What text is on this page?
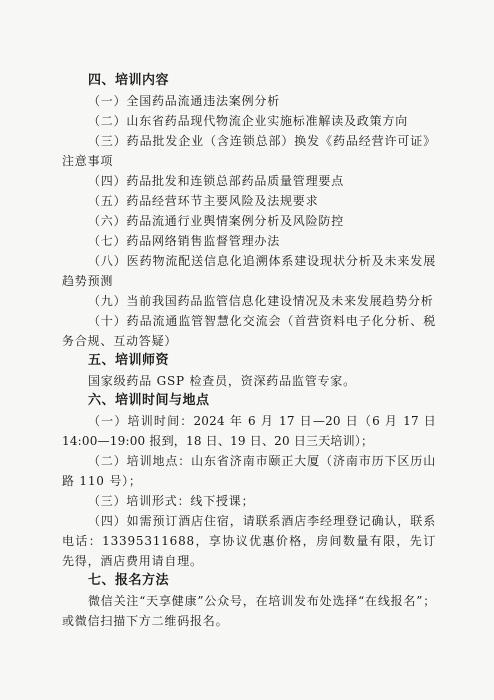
四、培训内容
（一）全国药品流通违法案例分析
（二）山东省药品现代物流企业实施标准解读及政策方向
（三）药品批发企业（含连锁总部）换发《药品经营许可证》注意事项
（四）药品批发和连锁总部药品质量管理要点
（五）药品经营环节主要风险及法规要求
（六）药品流通行业舆情案例分析及风险防控
（七）药品网络销售监督管理办法
（八）医药物流配送信息化追溯体系建设现状分析及未来发展趋势预测
（九）当前我国药品监管信息化建设情况及未来发展趋势分析
（十）药品流通监管智慧化交流会（首营资料电子化分析、税务合规、互动答疑）
五、培训师资
国家级药品 GSP 检查员，资深药品监管专家。
六、培训时间与地点
（一）培训时间：2024 年 6 月 17 日—20 日（6 月 17 日 14:00—19:00 报到，18 日、19 日、20 日三天培训）；
（二）培训地点：山东省济南市颐正大厦（济南市历下区历山路 110 号）；
（三）培训形式：线下授课；
（四）如需预订酒店住宿，请联系酒店李经理登记确认，联系电话：13395311688，享协议优惠价格，房间数量有限，先订先得，酒店费用请自理。
七、报名方法
微信关注“天享健康”公众号，在培训发布处选择“在线报名”；或微信扫描下方二维码报名。
